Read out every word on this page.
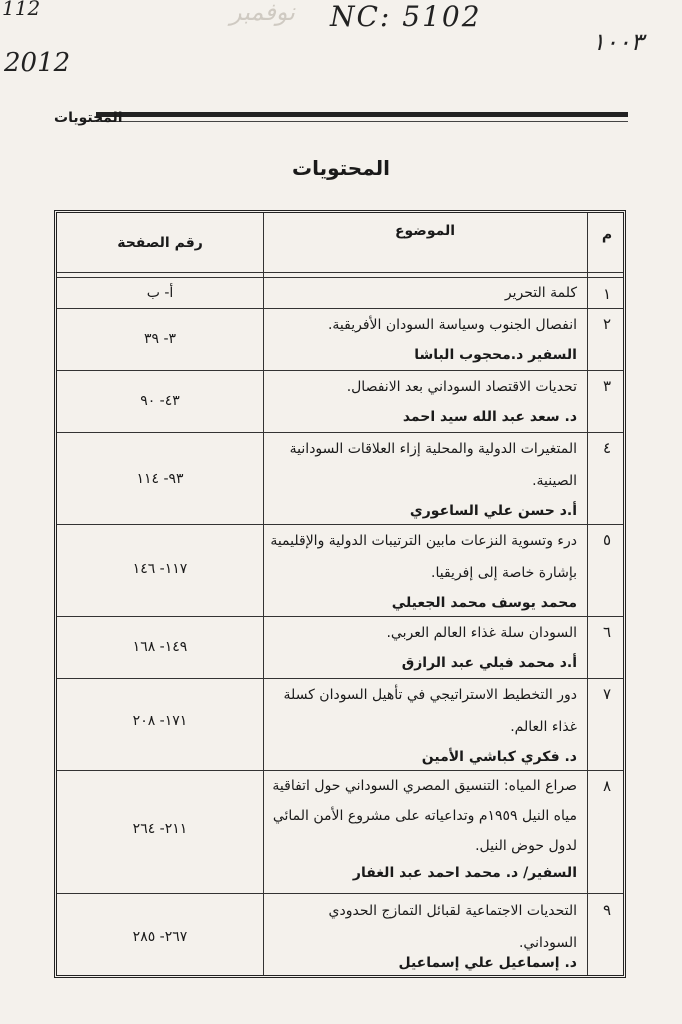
نوفمبر
112
2012
NC: 5102
١٠٠٣
المحتويات
المحتويات
م
الموضوع
رقم الصفحة
١
كلمة التحرير
أ- ب
٢
انفصال الجنوب وسياسة السودان الأفريقية.
السفير د.محجوب الباشا
٣- ٣٩
٣
تحديات الاقتصاد السوداني بعد الانفصال.
د. سعد عبد الله سيد احمد
٤٣- ٩٠
٤
المتغيرات الدولية والمحلية إزاء العلاقات السودانية الصينية.
أ.د حسن علي الساعوري
٩٣- ١١٤
٥
درء وتسوية النزعات مابين الترتيبات الدولية والإقليمية بإشارة خاصة إلى إفريقيا.
محمد يوسف محمد الجعيلي
١١٧- ١٤٦
٦
السودان سلة غذاء العالم العربي.
أ.د محمد فيلي عبد الرازق
١٤٩- ١٦٨
٧
دور التخطيط الاستراتيجي في تأهيل السودان كسلة غذاء العالم.
د. فكري كباشي الأمين
١٧١- ٢٠٨
٨
صراع المياه: التنسيق المصري السوداني حول اتفاقية مياه النيل ١٩٥٩م وتداعياته على مشروع الأمن المائي لدول حوض النيل.
السفير/ د. محمد احمد عبد الغفار
٢١١- ٢٦٤
٩
التحديات الاجتماعية لقبائل التمازج الحدودي السوداني.
د. إسماعيل علي إسماعيل
٢٦٧- ٢٨٥
